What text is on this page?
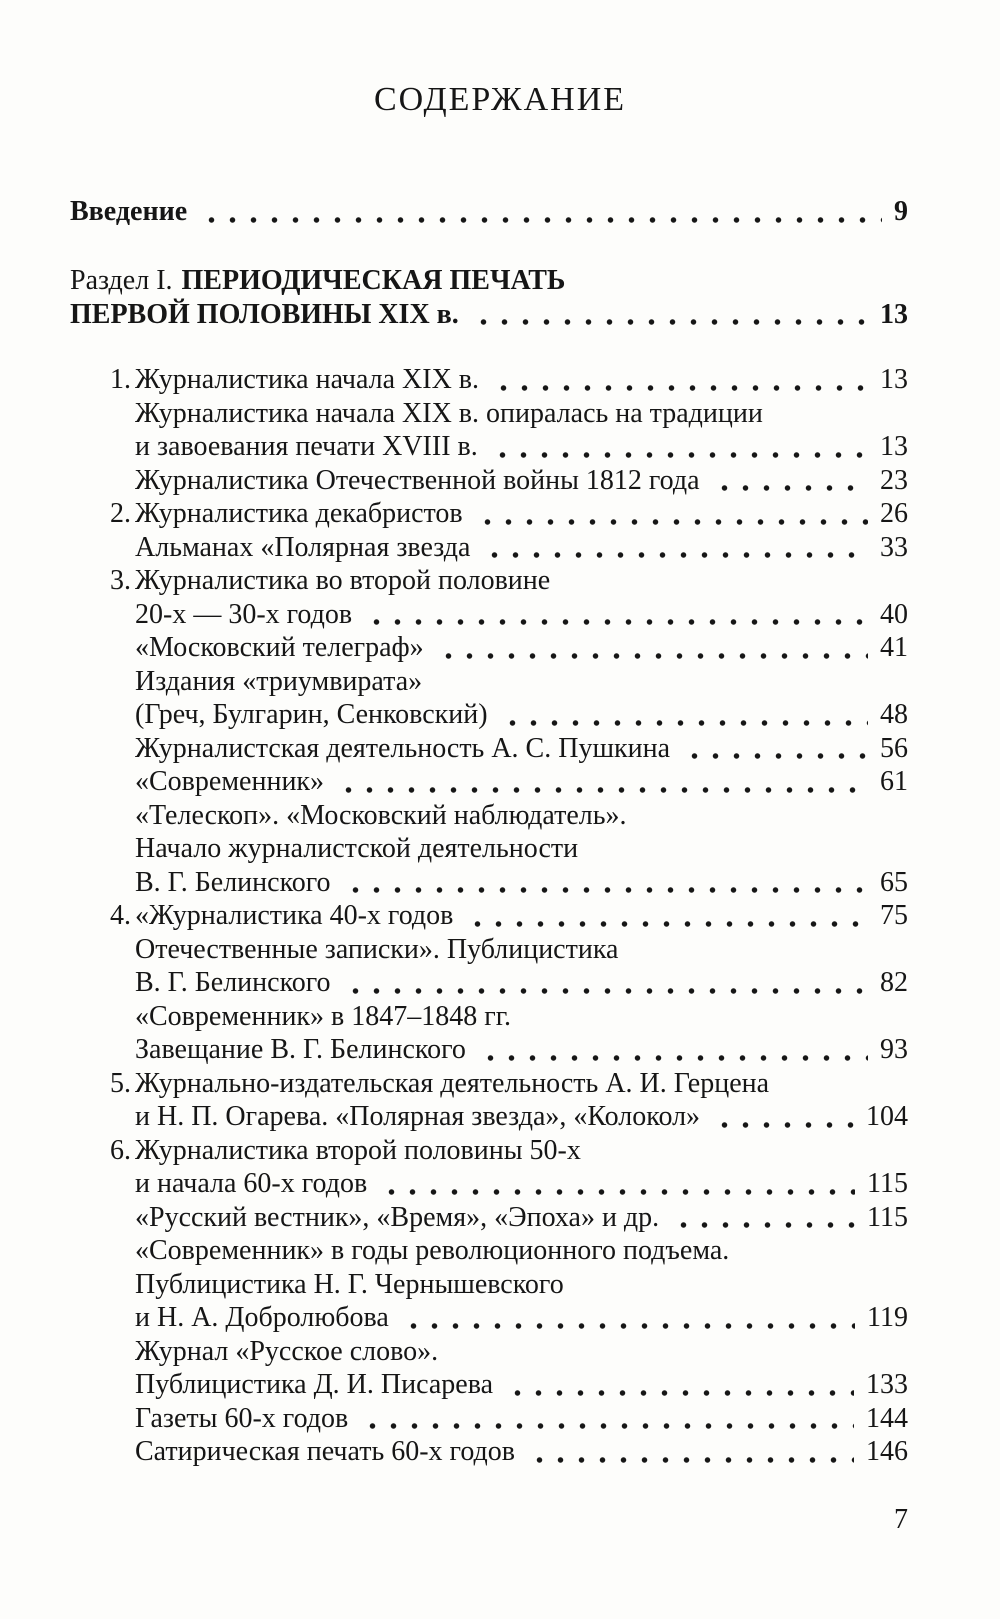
СОДЕРЖАНИЕ
Введение	9
Раздел I. ПЕРИОДИЧЕСКАЯ ПЕЧАТЬ
ПЕРВОЙ ПОЛОВИНЫ XIX в.	13
1. Журналистика начала XIX в.	13
Журналистика начала XIX в. опиралась на традиции
и завоевания печати XVIII в.	13
Журналистика Отечественной войны 1812 года	23
2. Журналистика декабристов	26
Альманах «Полярная звезда	33
3. Журналистика во второй половине
20-х — 30-х годов	40
«Московский телеграф»	41
Издания «триумвирата»
(Греч, Булгарин, Сенковский)	48
Журналистская деятельность А. С. Пушкина	56
«Современник»	61
«Телескоп». «Московский наблюдатель».
Начало журналистской деятельности
В. Г. Белинского	65
4. «Журналистика 40-х годов	75
Отечественные записки». Публицистика
В. Г. Белинского	82
«Современник» в 1847–1848 гг.
Завещание В. Г. Белинского	93
5. Журнально-издательская деятельность А. И. Герцена
и Н. П. Огарева. «Полярная звезда», «Колокол»	104
6. Журналистика второй половины 50-х
и начала 60-х годов	115
«Русский вестник», «Время», «Эпоха» и др.	115
«Современник» в годы революционного подъема.
Публицистика Н. Г. Чернышевского
и Н. А. Добролюбова	119
Журнал «Русское слово».
Публицистика Д. И. Писарева	133
Газеты 60-х годов	144
Сатирическая печать 60-х годов	146
7
